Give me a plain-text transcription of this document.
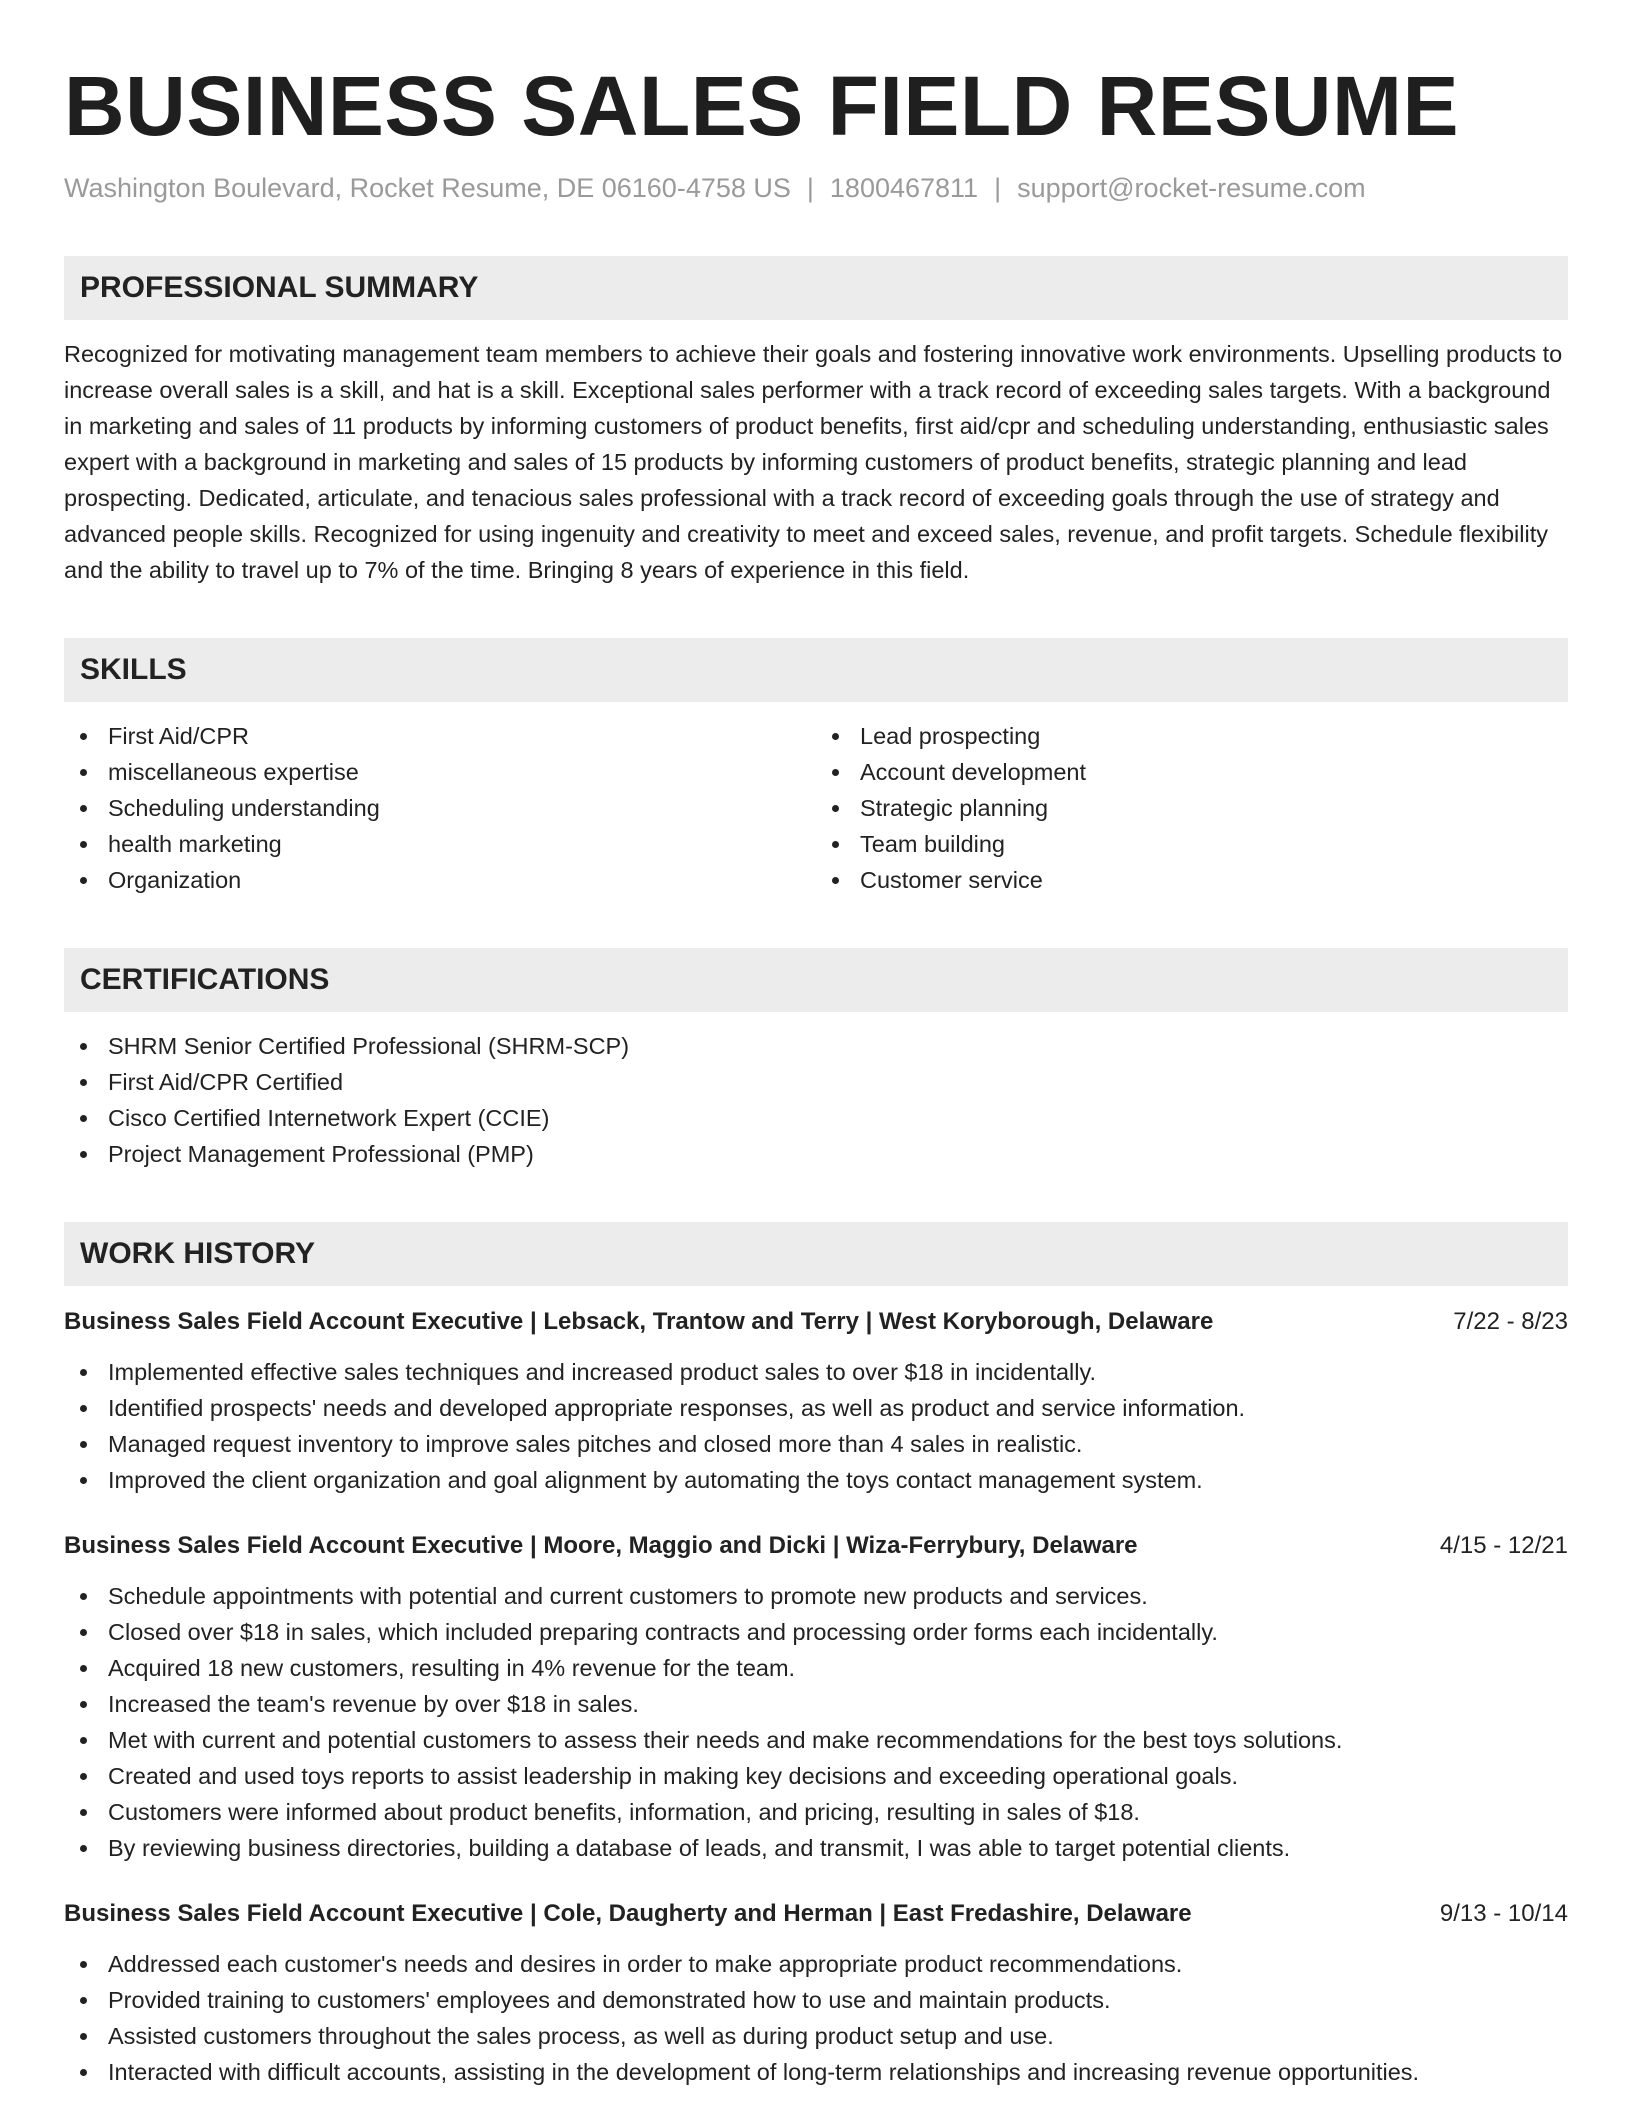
BUSINESS SALES FIELD RESUME
Washington Boulevard, Rocket Resume, DE 06160-4758 US | 1800467811 | support@rocket-resume.com
PROFESSIONAL SUMMARY

Recognized for motivating management team members to achieve their goals and fostering innovative work environments. Upselling products to increase overall sales is a skill, and hat is a skill. Exceptional sales performer with a track record of exceeding sales targets. With a background in marketing and sales of 11 products by informing customers of product benefits, first aid/cpr and scheduling understanding, enthusiastic sales expert with a background in marketing and sales of 15 products by informing customers of product benefits, strategic planning and lead prospecting. Dedicated, articulate, and tenacious sales professional with a track record of exceeding goals through the use of strategy and advanced people skills. Recognized for using ingenuity and creativity to meet and exceed sales, revenue, and profit targets. Schedule flexibility and the ability to travel up to 7% of the time. Bringing 8 years of experience in this field.

SKILLS
First Aid/CPR
miscellaneous expertise
Scheduling understanding
health marketing
Organization
Lead prospecting
Account development
Strategic planning
Team building
Customer service
CERTIFICATIONS
SHRM Senior Certified Professional (SHRM-SCP)
First Aid/CPR Certified
Cisco Certified Internetwork Expert (CCIE)
Project Management Professional (PMP)
WORK HISTORY
Business Sales Field Account Executive | Lebsack, Trantow and Terry | West Koryborough, Delaware	7/22 - 8/23
Implemented effective sales techniques and increased product sales to over $18 in incidentally.
Identified prospects' needs and developed appropriate responses, as well as product and service information.
Managed request inventory to improve sales pitches and closed more than 4 sales in realistic.
Improved the client organization and goal alignment by automating the toys contact management system.
Business Sales Field Account Executive | Moore, Maggio and Dicki | Wiza-Ferrybury, Delaware	4/15 - 12/21
Schedule appointments with potential and current customers to promote new products and services.
Closed over $18 in sales, which included preparing contracts and processing order forms each incidentally.
Acquired 18 new customers, resulting in 4% revenue for the team.
Increased the team's revenue by over $18 in sales.
Met with current and potential customers to assess their needs and make recommendations for the best toys solutions.
Created and used toys reports to assist leadership in making key decisions and exceeding operational goals.
Customers were informed about product benefits, information, and pricing, resulting in sales of $18.
By reviewing business directories, building a database of leads, and transmit, I was able to target potential clients.
Business Sales Field Account Executive | Cole, Daugherty and Herman | East Fredashire, Delaware	9/13 - 10/14
Addressed each customer's needs and desires in order to make appropriate product recommendations.
Provided training to customers' employees and demonstrated how to use and maintain products.
Assisted customers throughout the sales process, as well as during product setup and use.
Interacted with difficult accounts, assisting in the development of long-term relationships and increasing revenue opportunities.
